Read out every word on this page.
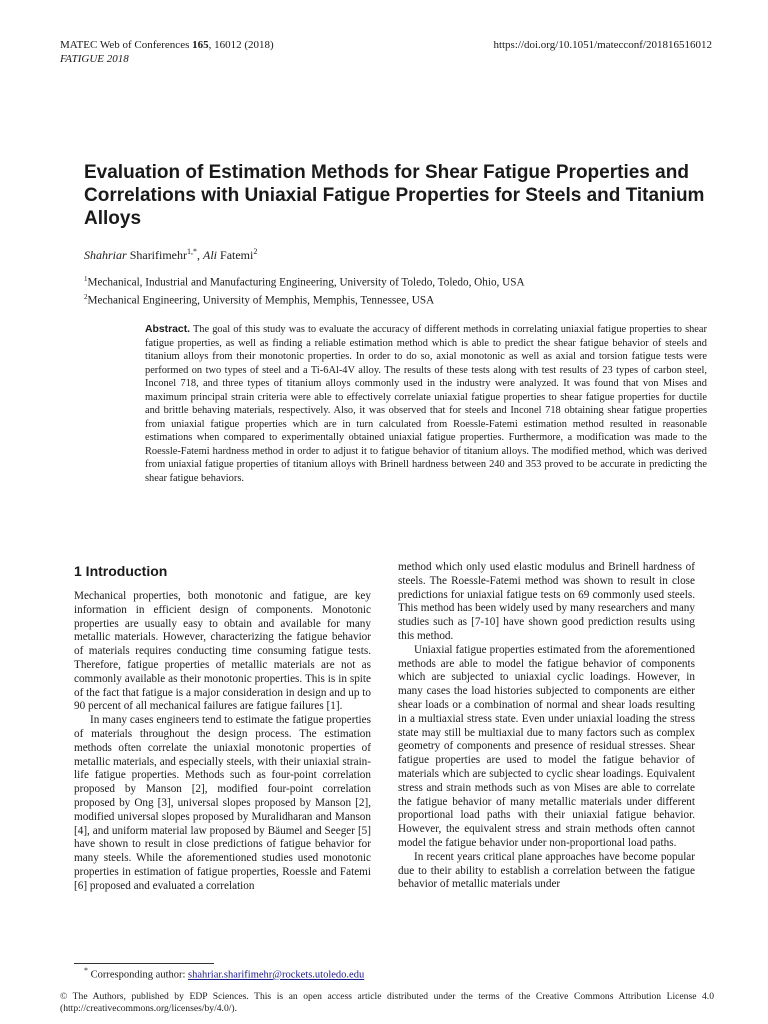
MATEC Web of Conferences 165, 16012 (2018)
FATIGUE 2018
https://doi.org/10.1051/matecconf/201816516012
Evaluation of Estimation Methods for Shear Fatigue Properties and Correlations with Uniaxial Fatigue Properties for Steels and Titanium Alloys
Shahriar Sharifimehr$^{1,*}$, Ali Fatemi$^2$
$^1$Mechanical, Industrial and Manufacturing Engineering, University of Toledo, Toledo, Ohio, USA
$^2$Mechanical Engineering, University of Memphis, Memphis, Tennessee, USA

Abstract. The goal of this study was to evaluate the accuracy of different methods in correlating uniaxial fatigue properties to shear fatigue properties, as well as finding a reliable estimation method which is able to predict the shear fatigue behavior of steels and titanium alloys from their monotonic properties. In order to do so, axial monotonic as well as axial and torsion fatigue tests were performed on two types of steel and a Ti-6Al-4V alloy. The results of these tests along with test results of 23 types of carbon steel, Inconel 718, and three types of titanium alloys commonly used in the industry were analyzed. It was found that von Mises and maximum principal strain criteria were able to effectively correlate uniaxial fatigue properties to shear fatigue properties for ductile and brittle behaving materials, respectively. Also, it was observed that for steels and Inconel 718 obtaining shear fatigue properties from uniaxial fatigue properties which are in turn calculated from Roessle-Fatemi estimation method resulted in reasonable estimations when compared to experimentally obtained uniaxial fatigue properties. Furthermore, a modification was made to the Roessle-Fatemi hardness method in order to adjust it to fatigue behavior of titanium alloys. The modified method, which was derived from uniaxial fatigue properties of titanium alloys with Brinell hardness between 240 and 353 proved to be accurate in predicting the shear fatigue behaviors.

1 Introduction

Mechanical properties, both monotonic and fatigue, are key information in efficient design of components. Monotonic properties are usually easy to obtain and available for many metallic materials. However, characterizing the fatigue behavior of materials requires conducting time consuming fatigue tests. Therefore, fatigue properties of metallic materials are not as commonly available as their monotonic properties. This is in spite of the fact that fatigue is a major consideration in design and up to 90 percent of all mechanical failures are fatigue failures [1].

In many cases engineers tend to estimate the fatigue properties of materials throughout the design process. The estimation methods often correlate the uniaxial monotonic properties of metallic materials, and especially steels, with their uniaxial strain-life fatigue properties. Methods such as four-point correlation proposed by Manson [2], modified four-point correlation proposed by Ong [3], universal slopes proposed by Manson [2], modified universal slopes proposed by Muralidharan and Manson [4], and uniform material law proposed by Bäumel and Seeger [5] have shown to result in close predictions of fatigue behavior for many steels. While the aforementioned studies used monotonic properties in estimation of fatigue properties, Roessle and Fatemi [6] proposed and evaluated a correlation

method which only used elastic modulus and Brinell hardness of steels. The Roessle-Fatemi method was shown to result in close predictions for uniaxial fatigue tests on 69 commonly used steels. This method has been widely used by many researchers and many studies such as [7-10] have shown good prediction results using this method.

Uniaxial fatigue properties estimated from the aforementioned methods are able to model the fatigue behavior of components which are subjected to uniaxial cyclic loadings. However, in many cases the load histories subjected to components are either shear loads or a combination of normal and shear loads resulting in a multiaxial stress state. Even under uniaxial loading the stress state may still be multiaxial due to many factors such as complex geometry of components and presence of residual stresses. Shear fatigue properties are used to model the fatigue behavior of materials which are subjected to cyclic shear loadings. Equivalent stress and strain methods such as von Mises are able to correlate the fatigue behavior of many metallic materials under different proportional load paths with their uniaxial fatigue behavior. However, the equivalent stress and strain methods often cannot model the fatigue behavior under non-proportional load paths.

In recent years critical plane approaches have become popular due to their ability to establish a correlation between the fatigue behavior of metallic materials under

* Corresponding author: shahriar.sharifimehr@rockets.utoledo.edu
© The Authors, published by EDP Sciences. This is an open access article distributed under the terms of the Creative Commons Attribution License 4.0 (http://creativecommons.org/licenses/by/4.0/).
